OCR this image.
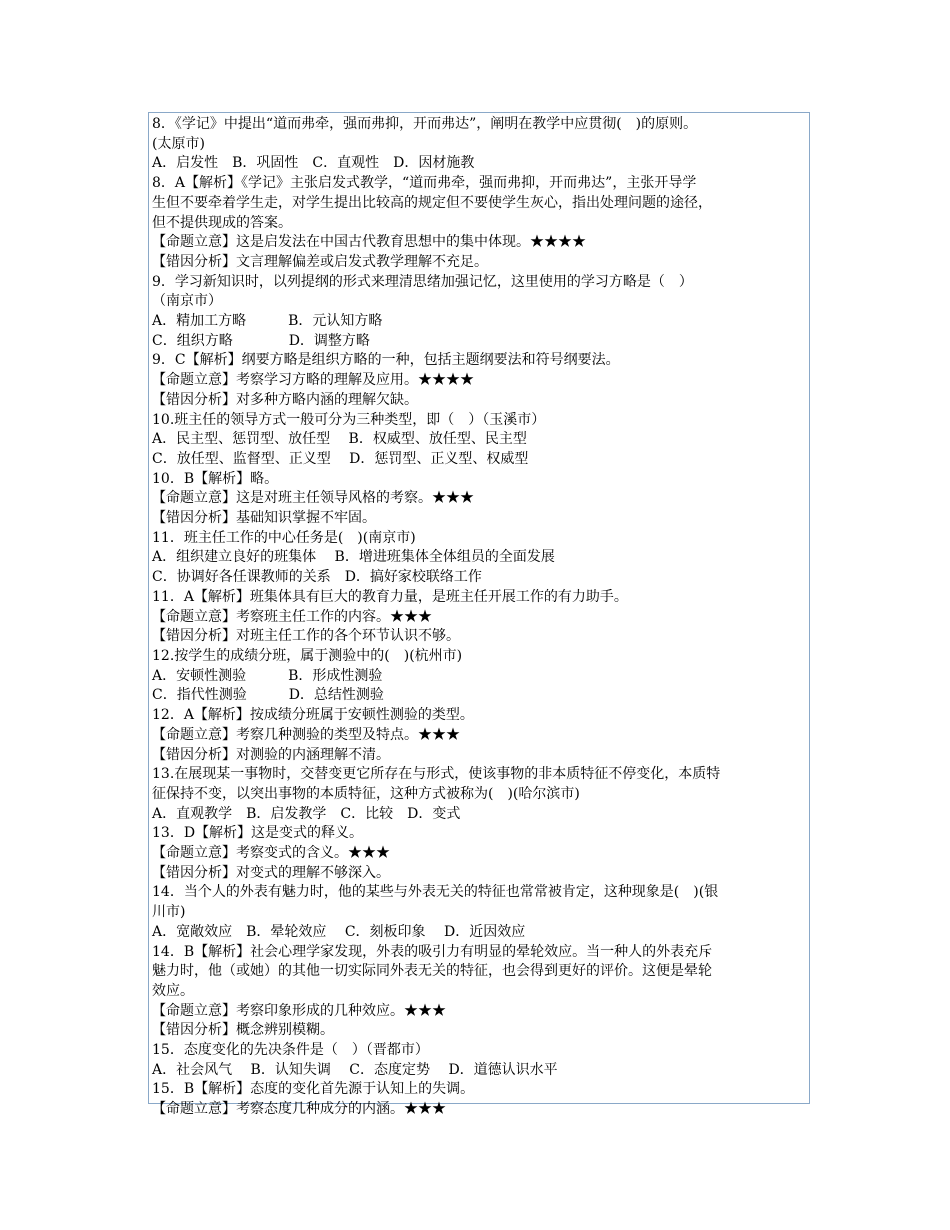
8．《学记》中提出“道而弗牵，强而弗抑，开而弗达”，阐明在教学中应贯彻(　)的原则。
(太原市)
A．启发性　B．巩固性　C．直观性　D．因材施教
8．A【解析】《学记》主张启发式教学，“道而弗牵，强而弗抑，开而弗达”，主张开导学
生但不要牵着学生走，对学生提出比较高的规定但不要使学生灰心，指出处理问题的途径，
但不提供现成的答案。
【命题立意】这是启发法在中国古代教育思想中的集中体现。★★★★
【错因分析】文言理解偏差或启发式教学理解不充足。
9．学习新知识时，以列提纲的形式来理清思绪加强记忆，这里使用的学习方略是（　）
（南京市）
A．精加工方略　　　B．元认知方略
C．组织方略　　　　D．调整方略
9．C【解析】纲要方略是组织方略的一种，包括主题纲要法和符号纲要法。
【命题立意】考察学习方略的理解及应用。★★★★
【错因分析】对多种方略内涵的理解欠缺。
10.班主任的领导方式一般可分为三种类型，即（　）（玉溪市）
A．民主型、惩罚型、放任型　 B．权威型、放任型、民主型
C．放任型、监督型、正义型　 D．惩罚型、正义型、权威型
10．B【解析】略。
【命题立意】这是对班主任领导风格的考察。★★★
【错因分析】基础知识掌握不牢固。
11．班主任工作的中心任务是(　)(南京市)
A．组织建立良好的班集体　 B．增进班集体全体组员的全面发展
C．协调好各任课教师的关系　D．搞好家校联络工作
11．A【解析】班集体具有巨大的教育力量，是班主任开展工作的有力助手。
【命题立意】考察班主任工作的内容。★★★
【错因分析】对班主任工作的各个环节认识不够。
12.按学生的成绩分班，属于测验中的(　)(杭州市)
A．安顿性测验　　　B．形成性测验
C．指代性测验　　　D．总结性测验
12．A【解析】按成绩分班属于安顿性测验的类型。
【命题立意】考察几种测验的类型及特点。★★★
【错因分析】对测验的内涵理解不清。
13.在展现某一事物时，交替变更它所存在与形式，使该事物的非本质特征不停变化，本质特
征保持不变，以突出事物的本质特征，这种方式被称为(　)(哈尔滨市)
A．直观教学　B．启发教学　C．比较　D．变式
13．D【解析】这是变式的释义。
【命题立意】考察变式的含义。★★★
【错因分析】对变式的理解不够深入。
14．当个人的外表有魅力时，他的某些与外表无关的特征也常常被肯定，这种现象是(　)(银
川市)
A．宽敞效应　B．晕轮效应　 C．刻板印象　 D．近因效应
14．B【解析】社会心理学家发现，外表的吸引力有明显的晕轮效应。当一种人的外表充斥
魅力时，他（或她）的其他一切实际同外表无关的特征，也会得到更好的评价。这便是晕轮
效应。
【命题立意】考察印象形成的几种效应。★★★
【错因分析】概念辨别模糊。
15．态度变化的先决条件是（　）（晋都市）
A．社会风气　 B．认知失调　 C．态度定势　 D．道德认识水平
15．B【解析】态度的变化首先源于认知上的失调。
【命题立意】考察态度几种成分的内涵。★★★
